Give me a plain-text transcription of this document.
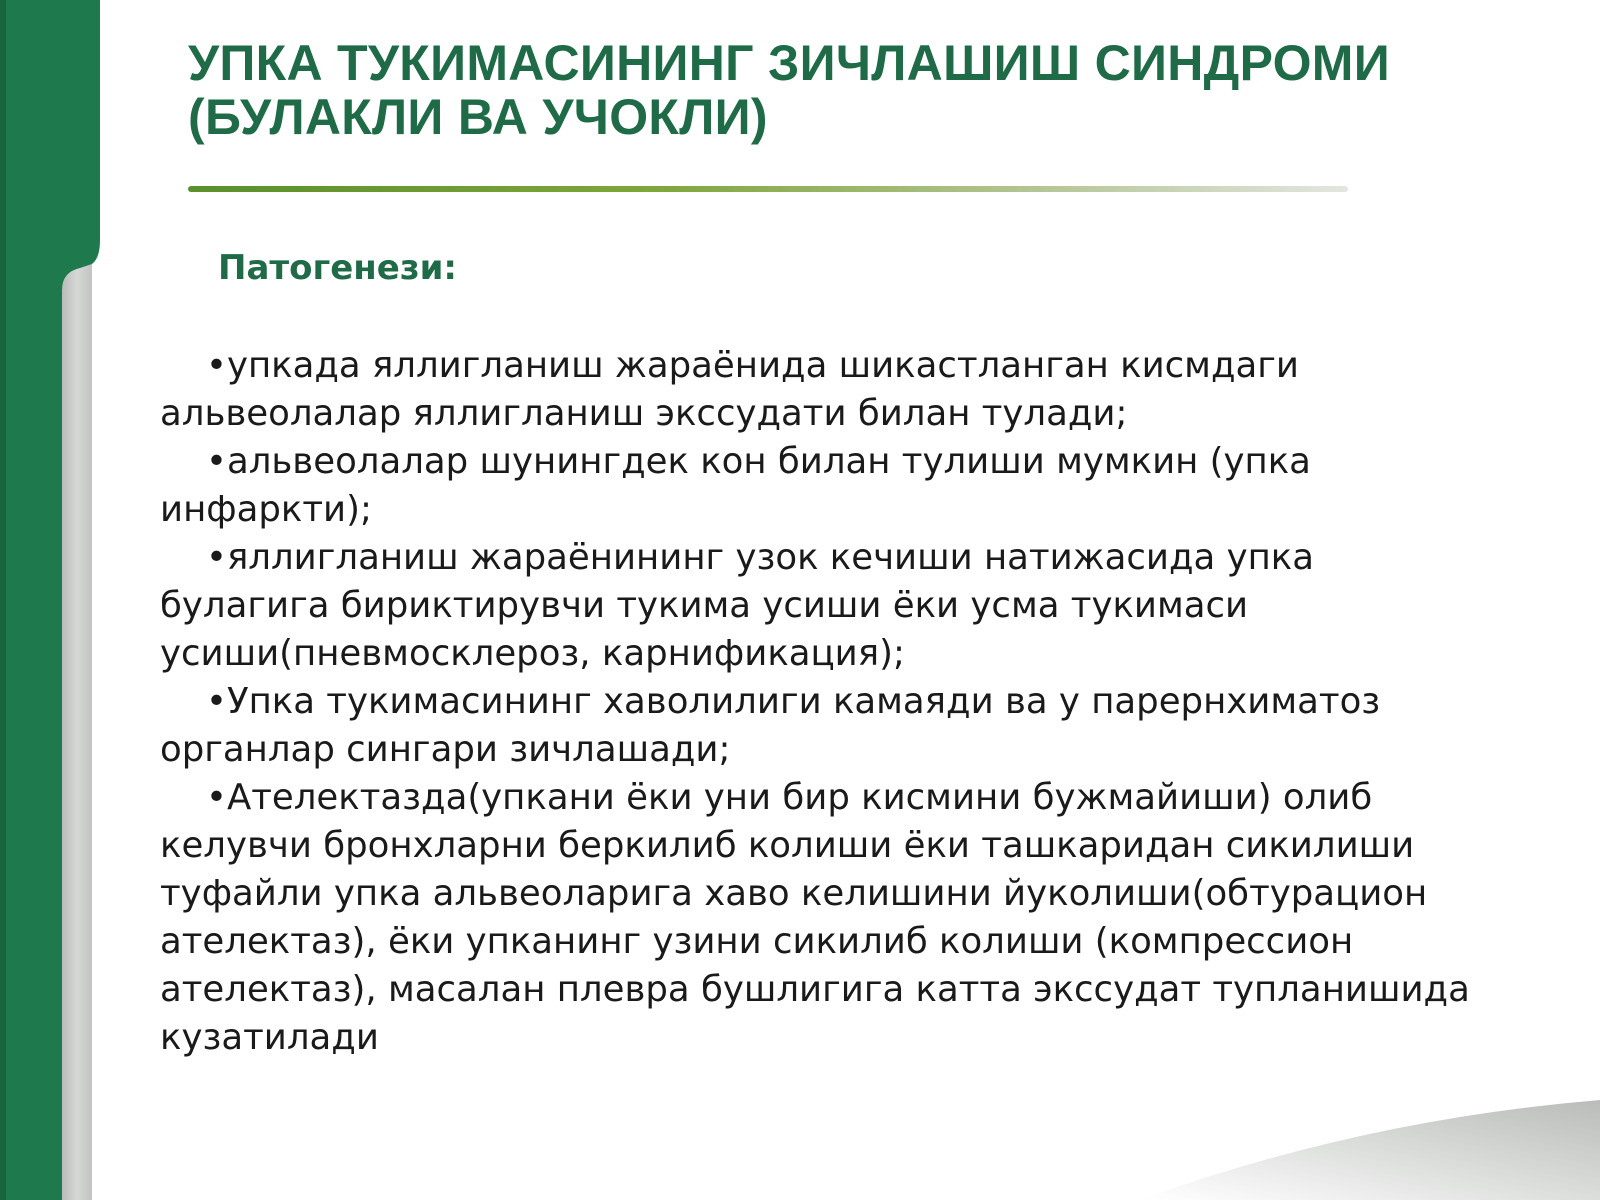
УПКА ТУКИМАСИНИНГ ЗИЧЛАШИШ СИНДРОМИ
(БУЛАКЛИ ВА УЧОКЛИ)
Патогенези:
•упкада яллигланиш жараёнида шикастланган кисмдаги альвеолалар яллигланиш экссудати билан тулади;
•альвеолалар шунингдек кон билан тулиши мумкин (упка инфаркти);
•яллигланиш жараёнининг узок кечиши натижасида упка булагига бириктирувчи тукима усиши ёки усма тукимаси усиши(пневмосклероз, карнификация);
•Упка тукимасининг хаволилиги камаяди ва у парернхиматоз органлар сингари зичлашади;
•Ателектазда(упкани ёки уни бир кисмини бужмайиши) олиб келувчи бронхларни беркилиб колиши ёки ташкаридан сикилиши туфайли упка альвеоларига хаво келишини йуколиши(обтурацион ателектаз), ёки упканинг узини сикилиб колиши (компрессион ателектаз), масалан плевра бушлигига катта экссудат тупланишида кузатилади
